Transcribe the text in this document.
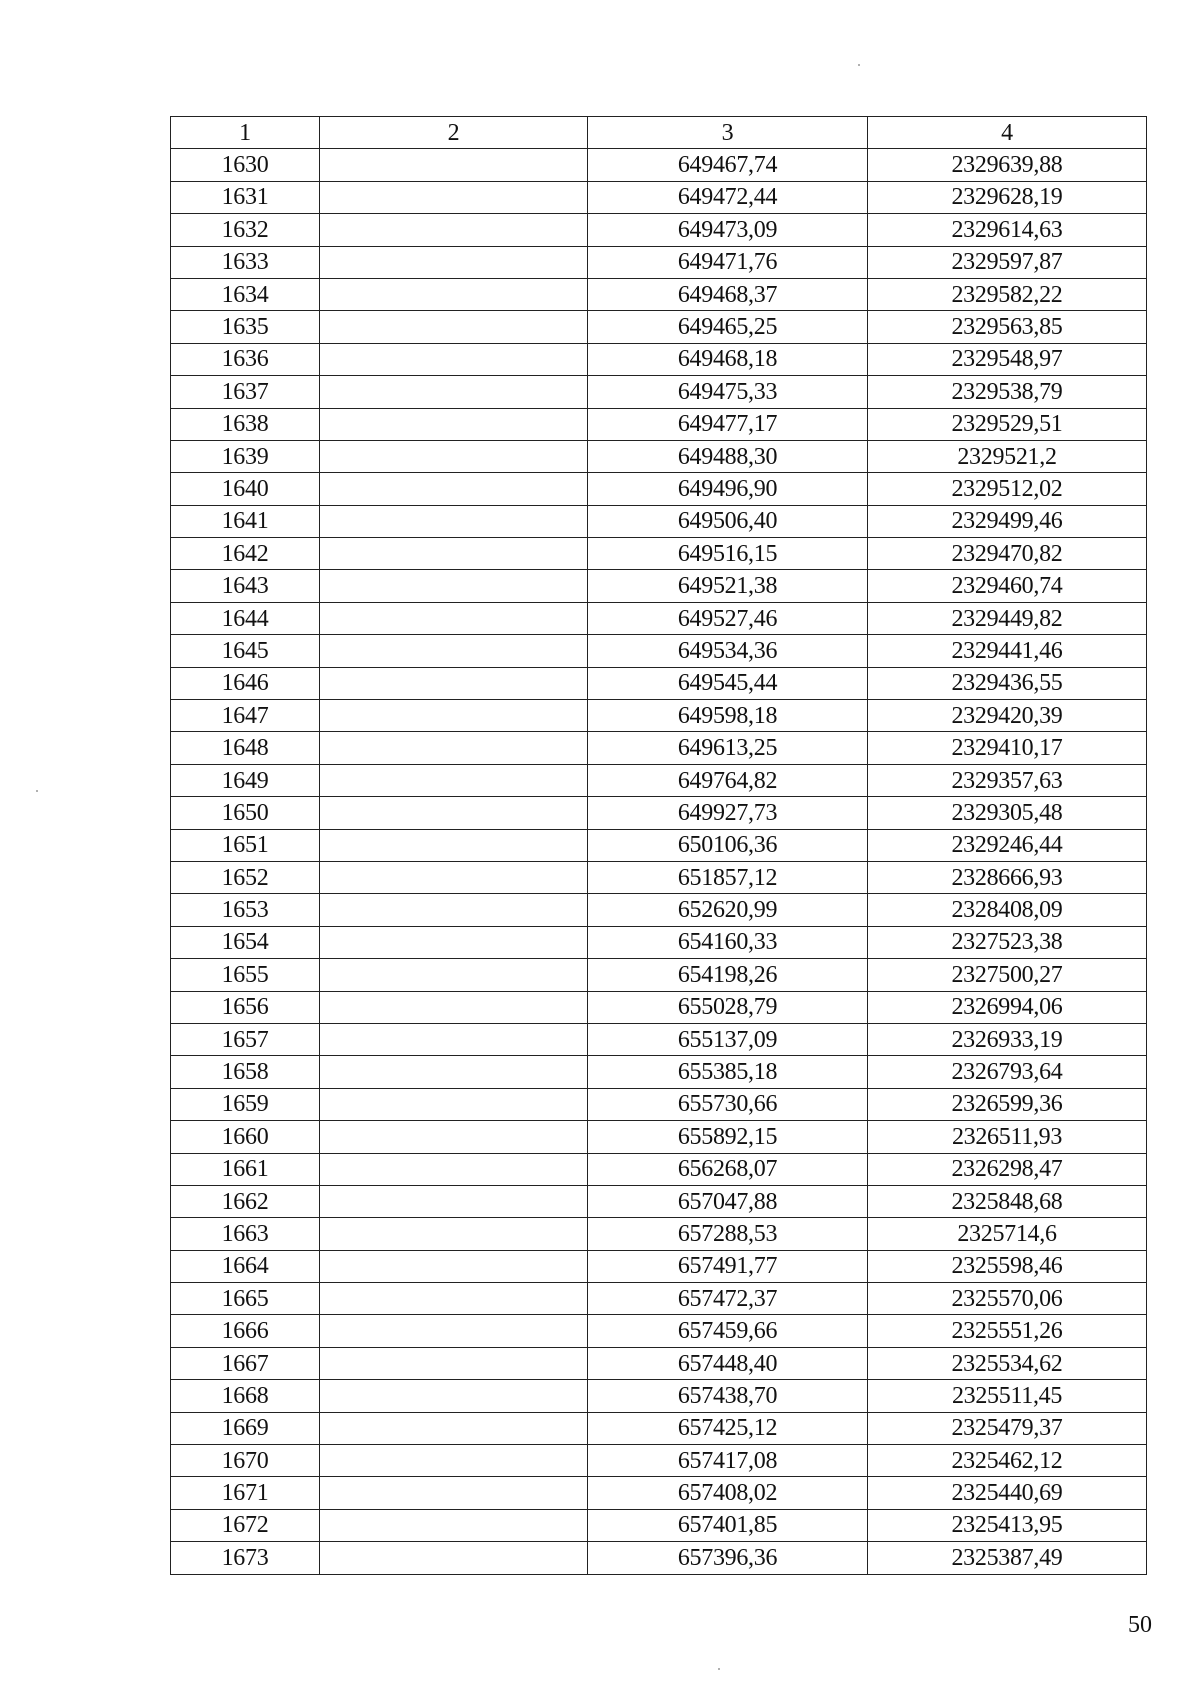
1	2	3	4
1630		649467,74	2329639,88
1631		649472,44	2329628,19
1632		649473,09	2329614,63
1633		649471,76	2329597,87
1634		649468,37	2329582,22
1635		649465,25	2329563,85
1636		649468,18	2329548,97
1637		649475,33	2329538,79
1638		649477,17	2329529,51
1639		649488,30	2329521,2
1640		649496,90	2329512,02
1641		649506,40	2329499,46
1642		649516,15	2329470,82
1643		649521,38	2329460,74
1644		649527,46	2329449,82
1645		649534,36	2329441,46
1646		649545,44	2329436,55
1647		649598,18	2329420,39
1648		649613,25	2329410,17
1649		649764,82	2329357,63
1650		649927,73	2329305,48
1651		650106,36	2329246,44
1652		651857,12	2328666,93
1653		652620,99	2328408,09
1654		654160,33	2327523,38
1655		654198,26	2327500,27
1656		655028,79	2326994,06
1657		655137,09	2326933,19
1658		655385,18	2326793,64
1659		655730,66	2326599,36
1660		655892,15	2326511,93
1661		656268,07	2326298,47
1662		657047,88	2325848,68
1663		657288,53	2325714,6
1664		657491,77	2325598,46
1665		657472,37	2325570,06
1666		657459,66	2325551,26
1667		657448,40	2325534,62
1668		657438,70	2325511,45
1669		657425,12	2325479,37
1670		657417,08	2325462,12
1671		657408,02	2325440,69
1672		657401,85	2325413,95
1673		657396,36	2325387,49
50
